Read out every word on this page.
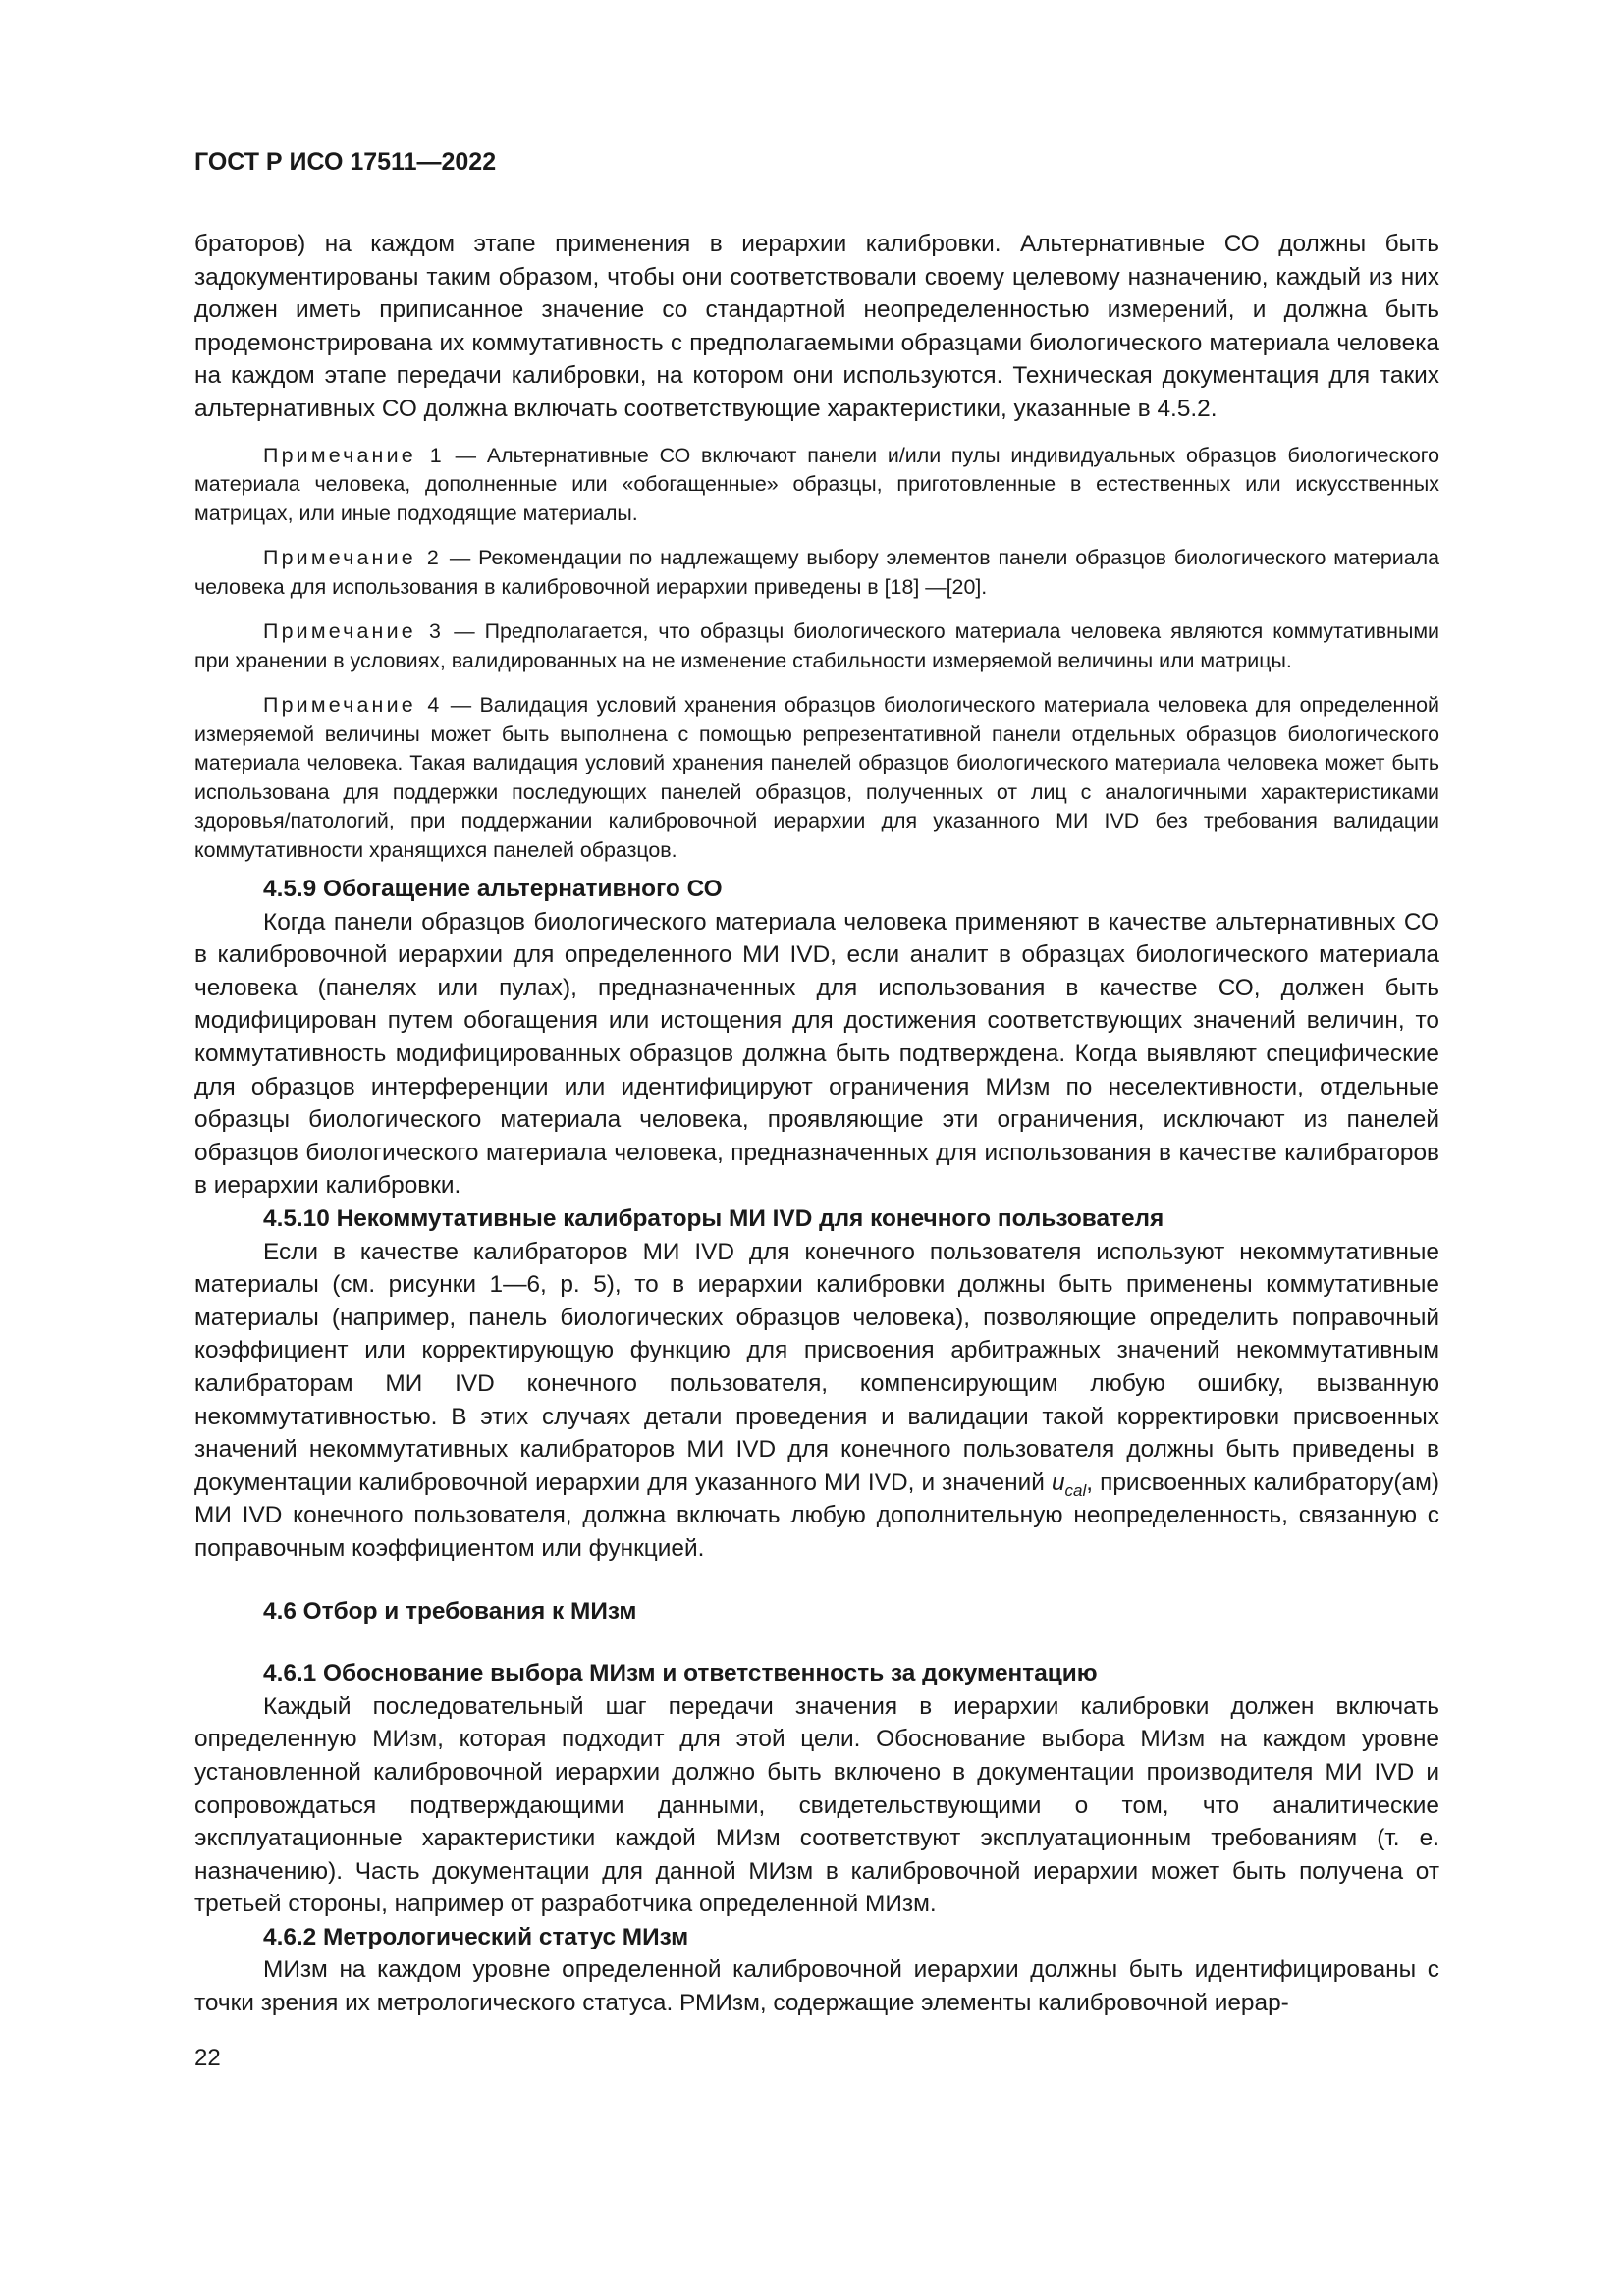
ГОСТ Р ИСО 17511—2022

браторов) на каждом этапе применения в иерархии калибровки. Альтернативные СО должны быть задокументированы таким образом, чтобы они соответствовали своему целевому назначению, каждый из них должен иметь приписанное значение со стандартной неопределенностью измерений, и должна быть продемонстрирована их коммутативность с предполагаемыми образцами биологического материала человека на каждом этапе передачи калибровки, на котором они используются. Техническая документация для таких альтернативных СО должна включать соответствующие характеристики, указанные в 4.5.2.

Примечание 1 — Альтернативные СО включают панели и/или пулы индивидуальных образцов биологического материала человека, дополненные или «обогащенные» образцы, приготовленные в естественных или искусственных матрицах, или иные подходящие материалы.

Примечание 2 — Рекомендации по надлежащему выбору элементов панели образцов биологического материала человека для использования в калибровочной иерархии приведены в [18] —[20].

Примечание 3 — Предполагается, что образцы биологического материала человека являются коммутативными при хранении в условиях, валидированных на не изменение стабильности измеряемой величины или матрицы.

Примечание 4 — Валидация условий хранения образцов биологического материала человека для определенной измеряемой величины может быть выполнена с помощью репрезентативной панели отдельных образцов биологического материала человека. Такая валидация условий хранения панелей образцов биологического материала человека может быть использована для поддержки последующих панелей образцов, полученных от лиц с аналогичными характеристиками здоровья/патологий, при поддержании калибровочной иерархии для указанного МИ IVD без требования валидации коммутативности хранящихся панелей образцов.

4.5.9 Обогащение альтернативного СО

Когда панели образцов биологического материала человека применяют в качестве альтернативных СО в калибровочной иерархии для определенного МИ IVD, если аналит в образцах биологического материала человека (панелях или пулах), предназначенных для использования в качестве СО, должен быть модифицирован путем обогащения или истощения для достижения соответствующих значений величин, то коммутативность модифицированных образцов должна быть подтверждена. Когда выявляют специфические для образцов интерференции или идентифицируют ограничения МИзм по неселективности, отдельные образцы биологического материала человека, проявляющие эти ограничения, исключают из панелей образцов биологического материала человека, предназначенных для использования в качестве калибраторов в иерархии калибровки.

4.5.10 Некоммутативные калибраторы МИ IVD для конечного пользователя

Если в качестве калибраторов МИ IVD для конечного пользователя используют некоммутативные материалы (см. рисунки 1—6, р. 5), то в иерархии калибровки должны быть применены коммутативные материалы (например, панель биологических образцов человека), позволяющие определить поправочный коэффициент или корректирующую функцию для присвоения арбитражных значений некоммутативным калибраторам МИ IVD конечного пользователя, компенсирующим любую ошибку, вызванную некоммутативностью. В этих случаях детали проведения и валидации такой корректировки присвоенных значений некоммутативных калибраторов МИ IVD для конечного пользователя должны быть приведены в документации калибровочной иерархии для указанного МИ IVD, и значений $u_{cal}$, присвоенных калибратору(ам) МИ IVD конечного пользователя, должна включать любую дополнительную неопределенность, связанную с поправочным коэффициентом или функцией.

4.6 Отбор и требования к МИзм

4.6.1 Обоснование выбора МИзм и ответственность за документацию

Каждый последовательный шаг передачи значения в иерархии калибровки должен включать определенную МИзм, которая подходит для этой цели. Обоснование выбора МИзм на каждом уровне установленной калибровочной иерархии должно быть включено в документации производителя МИ IVD и сопровождаться подтверждающими данными, свидетельствующими о том, что аналитические эксплуатационные характеристики каждой МИзм соответствуют эксплуатационным требованиям (т. е. назначению). Часть документации для данной МИзм в калибровочной иерархии может быть получена от третьей стороны, например от разработчика определенной МИзм.

4.6.2 Метрологический статус МИзм

МИзм на каждом уровне определенной калибровочной иерархии должны быть идентифицированы с точки зрения их метрологического статуса. РМИзм, содержащие элементы калибровочной иерар-

22
